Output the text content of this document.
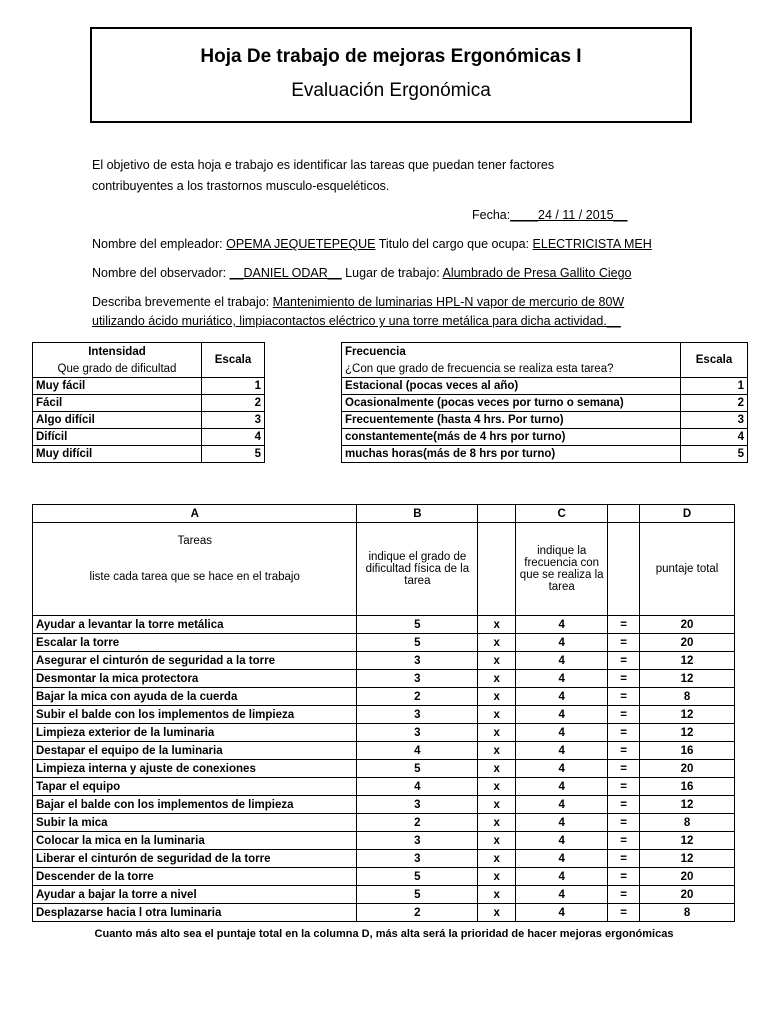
Hoja De trabajo de mejoras Ergonómicas I
Evaluación Ergonómica
El objetivo de esta hoja e trabajo es identificar las tareas que puedan tener factores
contribuyentes a los trastornos musculo-esqueléticos.
Fecha:____24 / 11 / 2015__
Nombre del empleador: OPEMA JEQUETEPEQUE Titulo del cargo que ocupa: ELECTRICISTA MEH
Nombre del observador: __DANIEL ODAR__ Lugar de trabajo: Alumbrado de Presa Gallito Ciego
Describa brevemente el trabajo: Mantenimiento de luminarias HPL-N vapor de mercurio de 80W
utilizando ácido muriático, limpiacontactos eléctrico y una torre metálica para dicha actividad.__
Intensidad	Escala
Que grado de dificultad	
Muy fácil	1
Fácil	2
Algo difícil	3
Difícil	4
Muy difícil	5
Frecuencia	Escala
¿Con que grado de frecuencia se realiza esta tarea?	
Estacional (pocas veces al año)	1
Ocasionalmente (pocas veces por turno o semana)	2
Frecuentemente (hasta 4 hrs. Por turno)	3
constantemente(más de 4 hrs por turno)	4
muchas horas(más de 8 hrs por turno)	5
A	B		C		D

Tareas
liste cada tarea que se hace en el trabajo	indique el grado de dificultad física de la tarea		indique la frecuencia con que se realiza la tarea		puntaje total
Ayudar a levantar la torre metálica	5	x	4	=	20
Escalar la torre	5	x	4	=	20
Asegurar el cinturón de seguridad a la torre	3	x	4	=	12
Desmontar la mica protectora	3	x	4	=	12
Bajar la mica con ayuda de la cuerda	2	x	4	=	8
Subir el balde con los implementos de limpieza	3	x	4	=	12
Limpieza exterior de la luminaria	3	x	4	=	12
Destapar el equipo de la luminaria	4	x	4	=	16
Limpieza interna y ajuste de conexiones	5	x	4	=	20
Tapar el equipo	4	x	4	=	16
Bajar el balde con los implementos de limpieza	3	x	4	=	12
Subir la mica	2	x	4	=	8
Colocar la mica en la luminaria	3	x	4	=	12
Liberar el cinturón de seguridad de la torre	3	x	4	=	12
Descender de la torre	5	x	4	=	20
Ayudar a bajar la torre a nivel	5	x	4	=	20
Desplazarse hacia l otra luminaria	2	x	4	=	8
Cuanto más alto sea el puntaje total en la columna D, más alta será la prioridad de hacer mejoras ergonómicas
